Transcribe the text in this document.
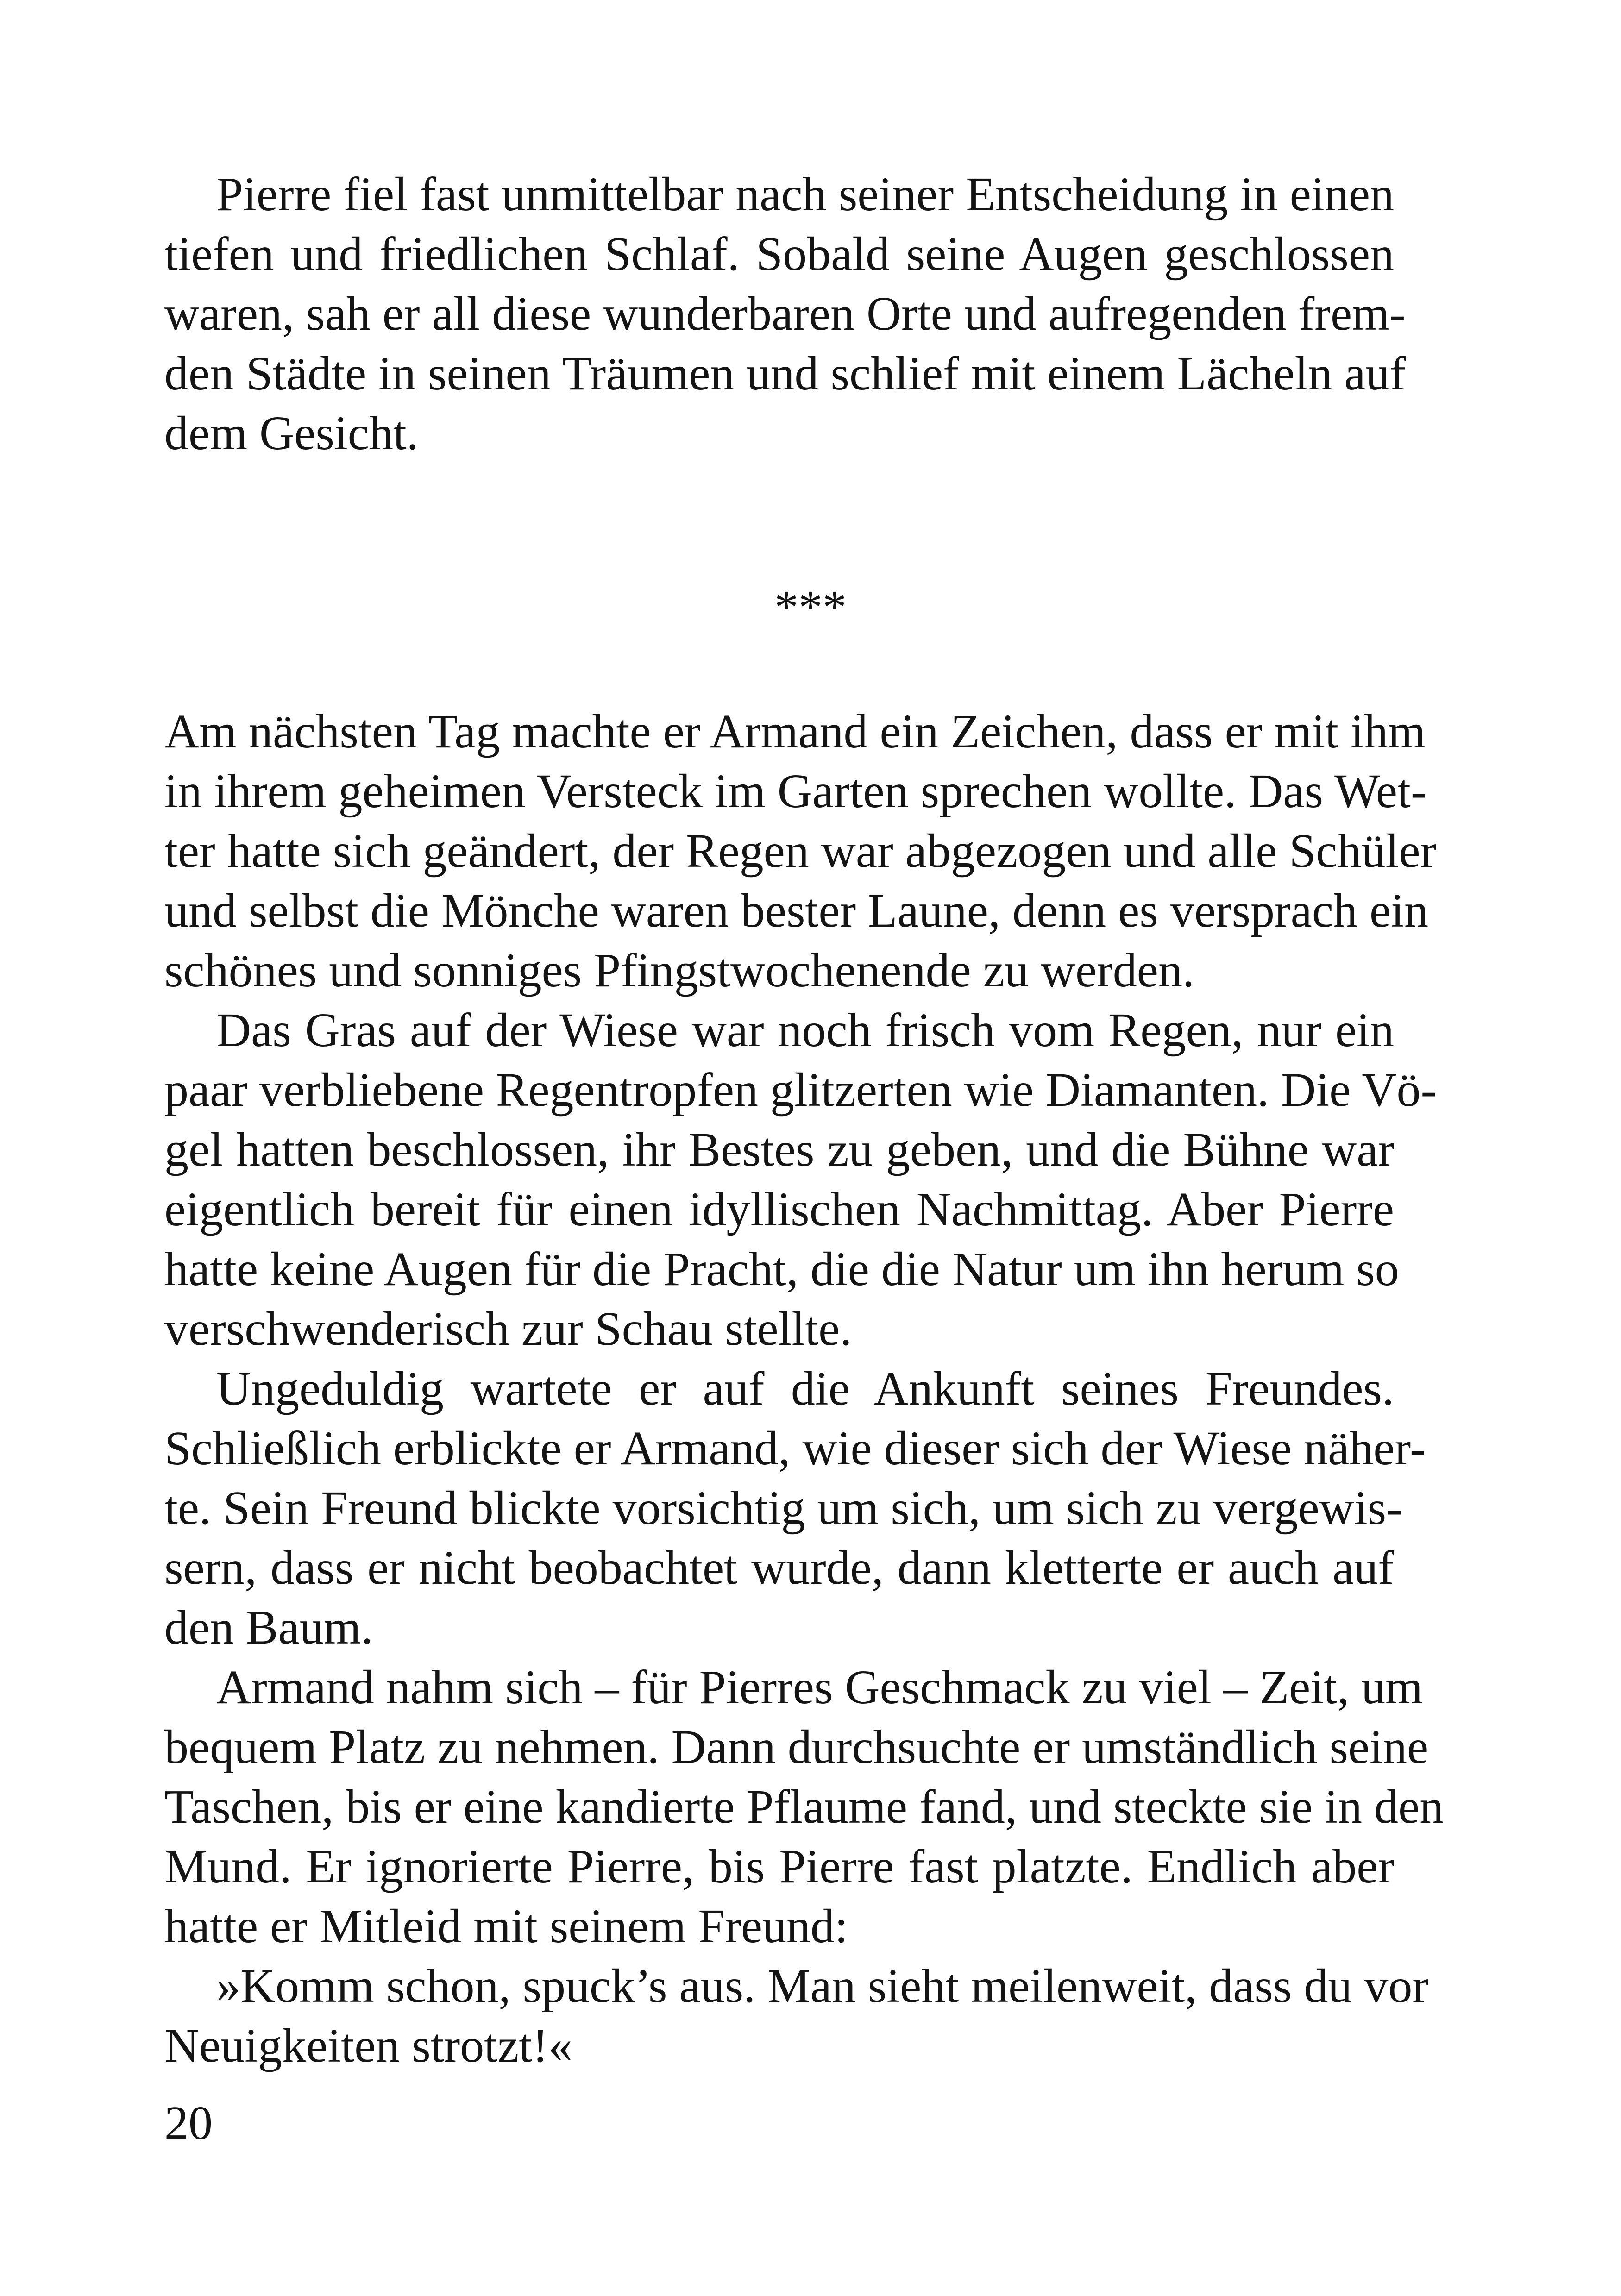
Pierre fiel fast unmittelbar nach seiner Entscheidung in einen
tiefen und friedlichen Schlaf. Sobald seine Augen geschlossen
waren, sah er all diese wunderbaren Orte und aufregenden frem-
den Städte in seinen Träumen und schlief mit einem Lächeln auf
dem Gesicht.
***
Am nächsten Tag machte er Armand ein Zeichen, dass er mit ihm
in ihrem geheimen Versteck im Garten sprechen wollte. Das Wet-
ter hatte sich geändert, der Regen war abgezogen und alle Schüler
und selbst die Mönche waren bester Laune, denn es versprach ein
schönes und sonniges Pfingstwochenende zu werden.
Das Gras auf der Wiese war noch frisch vom Regen, nur ein
paar verbliebene Regentropfen glitzerten wie Diamanten. Die Vö-
gel hatten beschlossen, ihr Bestes zu geben, und die Bühne war
eigentlich bereit für einen idyllischen Nachmittag. Aber Pierre
hatte keine Augen für die Pracht, die die Natur um ihn herum so
verschwenderisch zur Schau stellte.
Ungeduldig wartete er auf die Ankunft seines Freundes.
Schließlich erblickte er Armand, wie dieser sich der Wiese näher-
te. Sein Freund blickte vorsichtig um sich, um sich zu vergewis-
sern, dass er nicht beobachtet wurde, dann kletterte er auch auf
den Baum.
Armand nahm sich – für Pierres Geschmack zu viel – Zeit, um
bequem Platz zu nehmen. Dann durchsuchte er umständlich seine
Taschen, bis er eine kandierte Pflaume fand, und steckte sie in den
Mund. Er ignorierte Pierre, bis Pierre fast platzte. Endlich aber
hatte er Mitleid mit seinem Freund:
»Komm schon, spuck’s aus. Man sieht meilenweit, dass du vor
Neuigkeiten strotzt!«
20
